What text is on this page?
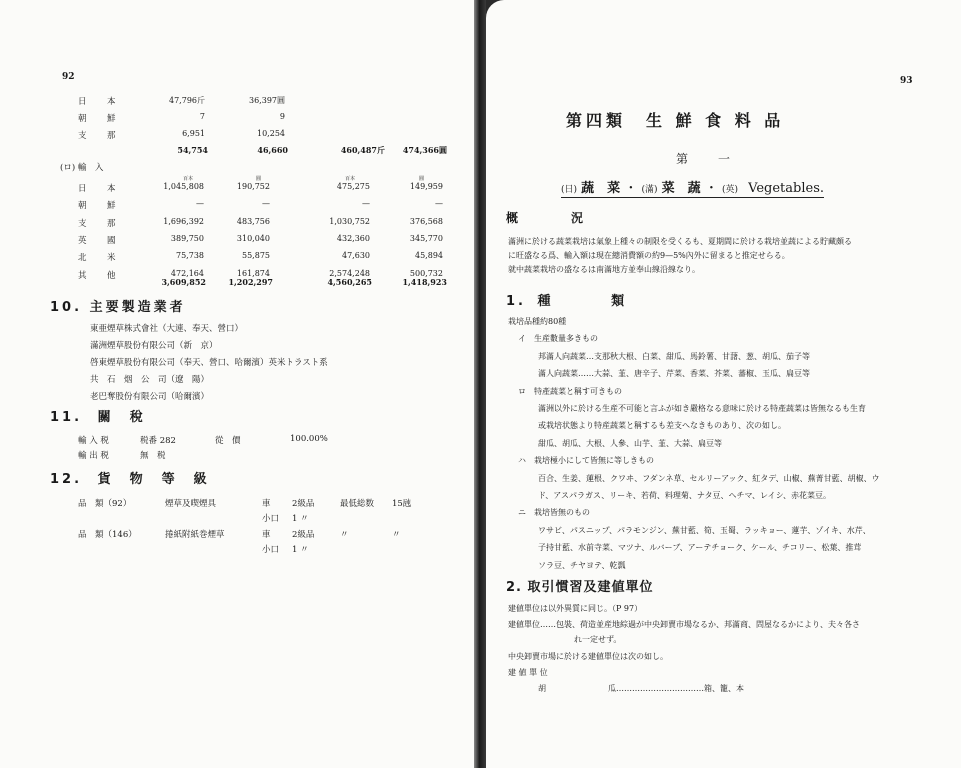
92
日　本	47,796斤	36,397圓
朝　鮮	7	9
支　那	6,951	10,254
54,754	46,660	460,487斤	474,366圓
(ロ) 輸　入
百本	圓	百本	圓
日　本	1,045,808	190,752	475,275	149,959
朝　鮮	—	—	—	—
支　那	1,696,392	483,756	1,030,752	376,568
英　國	389,750	310,040	432,360	345,770
北　米	75,738	55,875	47,630	45,894
其　他	472,164	161,874	2,574,248	500,732
3,609,852	1,202,297	4,560,265	1,418,923
10. 主要製造業者
東亜煙草株式會社（大連、奉天、營口）
滿洲煙草股份有限公司（新　京）
啓東煙草股份有限公司（奉天、營口、哈爾濱）英米トラスト系
共　石　烟　公　司（遼　陽）
老巴奪股份有限公司（哈爾濱）
11. 關　稅
輸 入 税	税番 282	從　價	100.00%
輸 出 税	無　税
12. 貨　物　等　級
品　類（92）	煙草及喫煙具	車	2級品	最低総数 15瓲
小口 1 〃
品　類（146）	捲紙附紙巻煙草	車	2級品	〃	〃
小口 1 〃
93
第四類　生 鮮 食 料 品
第　　一
(日) 蔬　菜 ・ (滿) 菜　蔬 ・ (英) Vegetables.
概	況
滿洲に於ける蔬菜栽培は氣象上種々の制限を受くるも、夏期間に於ける栽培並蔬による貯藏頗る
に旺盛なる爲、輸入額は現在總消費額の約9—5%內外に留まると推定せらる。
就中蔬菜栽培の盛なるは南滿地方並奉山線沿線なり。
1. 種	類
栽培品種約80種
イ　生産數量多きもの
邦滿人向蔬菜…支那秋大根、白菜、甜瓜、馬鈴薯、甘藷、葱、胡瓜、茄子等
滿人向蔬菜……大蒜、韮、唐辛子、芹菜、香菜、芥菜、蕃椒、玉瓜、扁豆等
ロ　特產蔬菜と稱す可きもの
滿洲以外に於ける生産不可能と言ふが如き嚴格なる意味に於ける特產蔬菜は皆無なるも生育
或栽培状態より特産蔬菜と稱するも差支へなきものあり、次の如し。
甜瓜、胡瓜、大根、人參、山芋、韮、大蒜、扁豆等
ハ　栽培極小にして皆無に等しきもの
百合、生姜、蓮根、クワヰ、フダンネ草、セルリーアック、紅タデ、山椒、蕪菁甘藍、胡椒、ウ
ド、アスパラガス、リーキ、若荷、料理菊、ナタ豆、ヘチマ、レイシ、赤花菜豆。
ニ　栽培皆無のもの
ワサビ、パスニップ、パラモンジン、蕪甘藍、筍、玉蜀、ラッキョー、蓮芋、ゾイキ、水芹、
子持甘藍、水前寺菜、マツナ、ルバーブ、アーテチョーク、ケール、チコリー、松葉、推茸
ソラ豆、チヤヨテ、乾瓢
2. 取引慣習及建値單位
建値單位は以外異質に同じ。（P 97）
建値單位……包裝、荷造並産地綜過が中央卸賣市場なるか、邦滿商、問屋なるかにより、夫々各さ
れ一定せず。
中央卸賣市場に於ける建値單位は次の如し。
建 値 單 位
胡	瓜……………………………箱、籠、本
